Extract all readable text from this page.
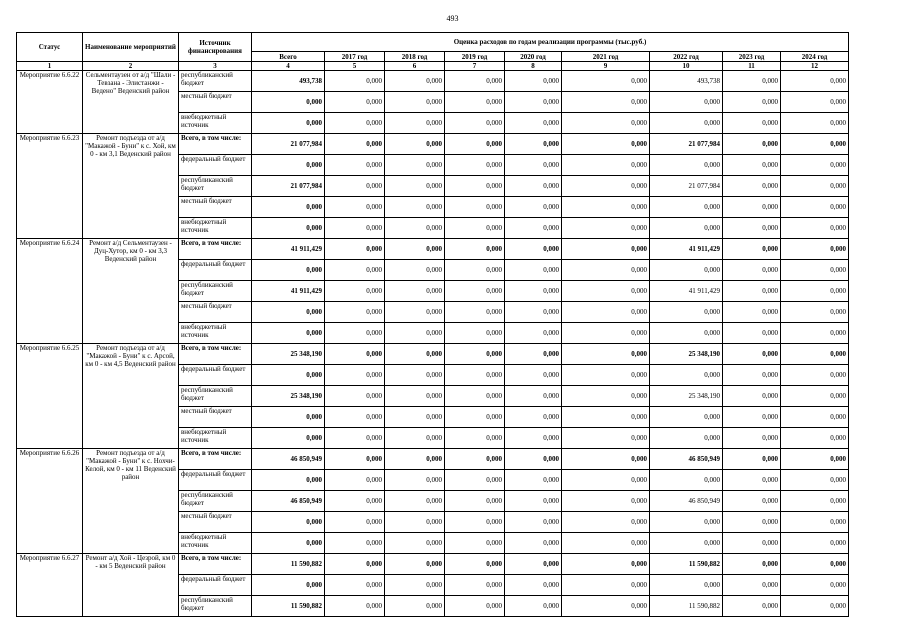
493
Статус	Наименование мероприятий	Источник финансирования	Оценка расходов по годам реализации программы (тыс.руб.)								
			Всего	2017 год	2018 год	2019 год	2020 год	2021 год	2022 год	2023 год	2024 год
1	2	3	4	5	6	7	8	9	10	11	12
Мероприятие 6.6.22	Сельментаузен от а/д "Шали - Тевзана - Элистанжи - Ведено" Веденский район	республиканский бюджет	493,738	0,000	0,000	0,000	0,000	0,000	493,738	0,000	0,000
		местный бюджет	0,000	0,000	0,000	0,000	0,000	0,000	0,000	0,000	0,000
		внебюджетный источник	0,000	0,000	0,000	0,000	0,000	0,000	0,000	0,000	0,000
Мероприятие 6.6.23	Ремонт подъезда от а/д "Макажой - Буни" к с. Хой, км 0 - км 3,1 Веденский район	Всего, в том числе:	21 077,984	0,000	0,000	0,000	0,000	0,000	21 077,984	0,000	0,000
		федеральный бюджет	0,000	0,000	0,000	0,000	0,000	0,000	0,000	0,000	0,000
		республиканский бюджет	21 077,984	0,000	0,000	0,000	0,000	0,000	21 077,984	0,000	0,000
		местный бюджет	0,000	0,000	0,000	0,000	0,000	0,000	0,000	0,000	0,000
		внебюджетный источник	0,000	0,000	0,000	0,000	0,000	0,000	0,000	0,000	0,000
Мероприятие 6.6.24	Ремонт а/д Сельментаузен - Дуц-Хутор, км 0 - км 3,3 Веденский район	Всего, в том числе:	41 911,429	0,000	0,000	0,000	0,000	0,000	41 911,429	0,000	0,000
		федеральный бюджет	0,000	0,000	0,000	0,000	0,000	0,000	0,000	0,000	0,000
		республиканский бюджет	41 911,429	0,000	0,000	0,000	0,000	0,000	41 911,429	0,000	0,000
		местный бюджет	0,000	0,000	0,000	0,000	0,000	0,000	0,000	0,000	0,000
		внебюджетный источник	0,000	0,000	0,000	0,000	0,000	0,000	0,000	0,000	0,000
Мероприятие 6.6.25	Ремонт подъезда от а/д "Макажой - Буни" к с. Арсой, км 0 - км 4,5 Веденский район	Всего, в том числе:	25 348,190	0,000	0,000	0,000	0,000	0,000	25 348,190	0,000	0,000
		федеральный бюджет	0,000	0,000	0,000	0,000	0,000	0,000	0,000	0,000	0,000
		республиканский бюджет	25 348,190	0,000	0,000	0,000	0,000	0,000	25 348,190	0,000	0,000
		местный бюджет	0,000	0,000	0,000	0,000	0,000	0,000	0,000	0,000	0,000
		внебюджетный источник	0,000	0,000	0,000	0,000	0,000	0,000	0,000	0,000	0,000
Мероприятие 6.6.26	Ремонт подъезда от а/д "Макажой - Буни" к с. Нохчи-Келой, км 0 - км 11 Веденский район	Всего, в том числе:	46 850,949	0,000	0,000	0,000	0,000	0,000	46 850,949	0,000	0,000
		федеральный бюджет	0,000	0,000	0,000	0,000	0,000	0,000	0,000	0,000	0,000
		республиканский бюджет	46 850,949	0,000	0,000	0,000	0,000	0,000	46 850,949	0,000	0,000
		местный бюджет	0,000	0,000	0,000	0,000	0,000	0,000	0,000	0,000	0,000
		внебюджетный источник	0,000	0,000	0,000	0,000	0,000	0,000	0,000	0,000	0,000
Мероприятие 6.6.27	Ремонт а/д Хой - Цезрой, км 0 - км 5 Веденский район	Всего, в том числе:	11 590,882	0,000	0,000	0,000	0,000	0,000	11 590,882	0,000	0,000
		федеральный бюджет	0,000	0,000	0,000	0,000	0,000	0,000	0,000	0,000	0,000
		республиканский бюджет	11 590,882	0,000	0,000	0,000	0,000	0,000	11 590,882	0,000	0,000
